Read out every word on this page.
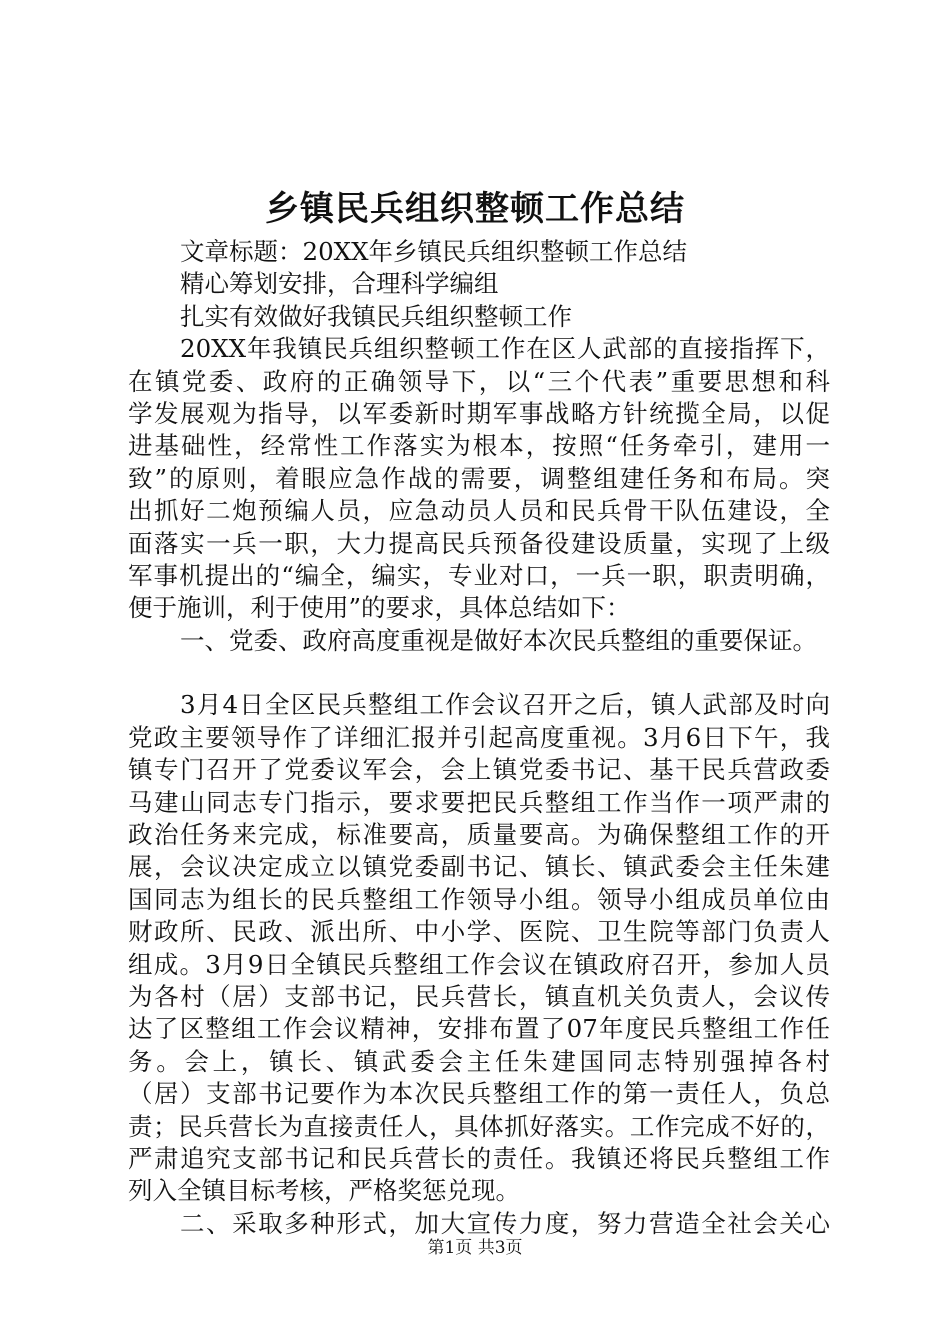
乡镇民兵组织整顿工作总结
文章标题：20XX年乡镇民兵组织整顿工作总结
精心筹划安排，合理科学编组
扎实有效做好我镇民兵组织整顿工作
20XX年我镇民兵组织整顿工作在区人武部的直接指挥下，
在镇党委、政府的正确领导下，以“三个代表”重要思想和科
学发展观为指导，以军委新时期军事战略方针统揽全局，以促
进基础性，经常性工作落实为根本，按照“任务牵引，建用一
致”的原则，着眼应急作战的需要，调整组建任务和布局。突
出抓好二炮预编人员，应急动员人员和民兵骨干队伍建设，全
面落实一兵一职，大力提高民兵预备役建设质量，实现了上级
军事机提出的“编全，编实，专业对口，一兵一职，职责明确，
便于施训，利于使用”的要求，具体总结如下：
一、党委、政府高度重视是做好本次民兵整组的重要保证。
3月4日全区民兵整组工作会议召开之后，镇人武部及时向
党政主要领导作了详细汇报并引起高度重视。3月6日下午，我
镇专门召开了党委议军会，会上镇党委书记、基干民兵营政委
马建山同志专门指示，要求要把民兵整组工作当作一项严肃的
政治任务来完成，标准要高，质量要高。为确保整组工作的开
展，会议决定成立以镇党委副书记、镇长、镇武委会主任朱建
国同志为组长的民兵整组工作领导小组。领导小组成员单位由
财政所、民政、派出所、中小学、医院、卫生院等部门负责人
组成。3月9日全镇民兵整组工作会议在镇政府召开，参加人员
为各村（居）支部书记，民兵营长，镇直机关负责人，会议传
达了区整组工作会议精神，安排布置了07年度民兵整组工作任
务。会上，镇长、镇武委会主任朱建国同志特别强掉各村
（居）支部书记要作为本次民兵整组工作的第一责任人，负总
责；民兵营长为直接责任人，具体抓好落实。工作完成不好的，
严肃追究支部书记和民兵营长的责任。我镇还将民兵整组工作
列入全镇目标考核，严格奖惩兑现。
二、采取多种形式，加大宣传力度，努力营造全社会关心
第1页 共3页
